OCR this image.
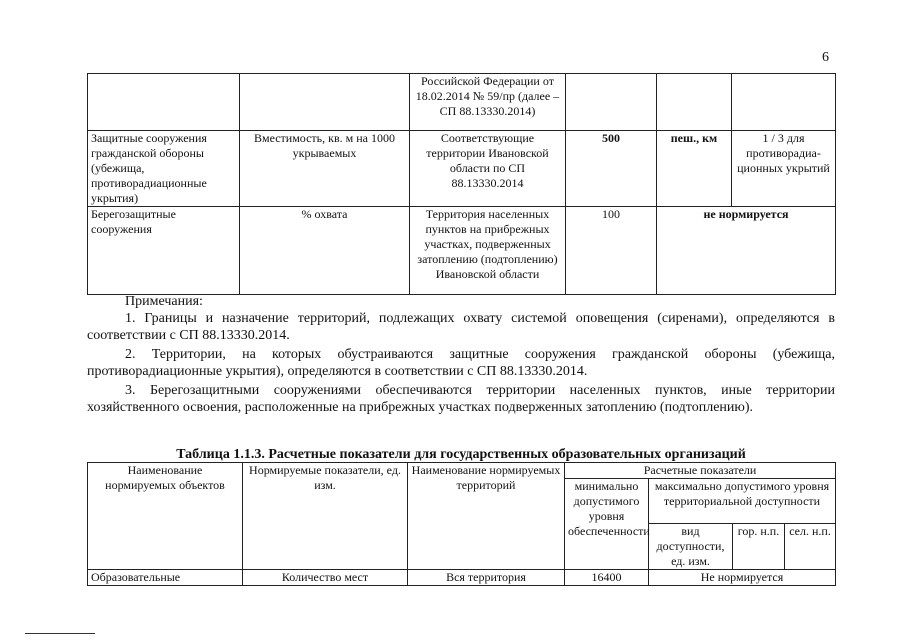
6
		Российской Федерации от 18.02.2014 № 59/пр (далее – СП 88.13330.2014)			
Защитные сооружения гражданской обороны (убежища, противорадиационные укрытия)	Вместимость, кв. м на 1000 укрываемых	Соответствующие территории Ивановской области по СП 88.13330.2014	500	пеш., км	1 / 3 для противорадиа-ционных укрытий
Берегозащитные сооружения	% охвата	Территория населенных пунктов на прибрежных участках, подверженных затоплению (подтоплению) Ивановской области	100	не нормируется	

Примечания:

1. Границы и назначение территорий, подлежащих охвату системой оповещения (сиренами), определяются в соответствии с СП 88.13330.2014.

2. Территории, на которых обустраиваются защитные сооружения гражданской обороны (убежища, противорадиационные укрытия), определяются в соответствии с СП 88.13330.2014.

3. Берегозащитными сооружениями обеспечиваются территории населенных пунктов, иные территории хозяйственного освоения, расположенные на прибрежных участках подверженных затоплению (подтоплению).

Таблица 1.1.3. Расчетные показатели для государственных образовательных организаций
Наименование нормируемых объектов	Нормируемые показатели, ед. изм.	Наименование нормируемых территорий	Расчетные показатели			
			минимально допустимого уровня обеспеченности	максимально допустимого уровня территориальной доступности		
				вид доступности, ед. изм.	гор. н.п.	сел. н.п.
Образовательные	Количество мест	Вся территория	16400	Не нормируется		
